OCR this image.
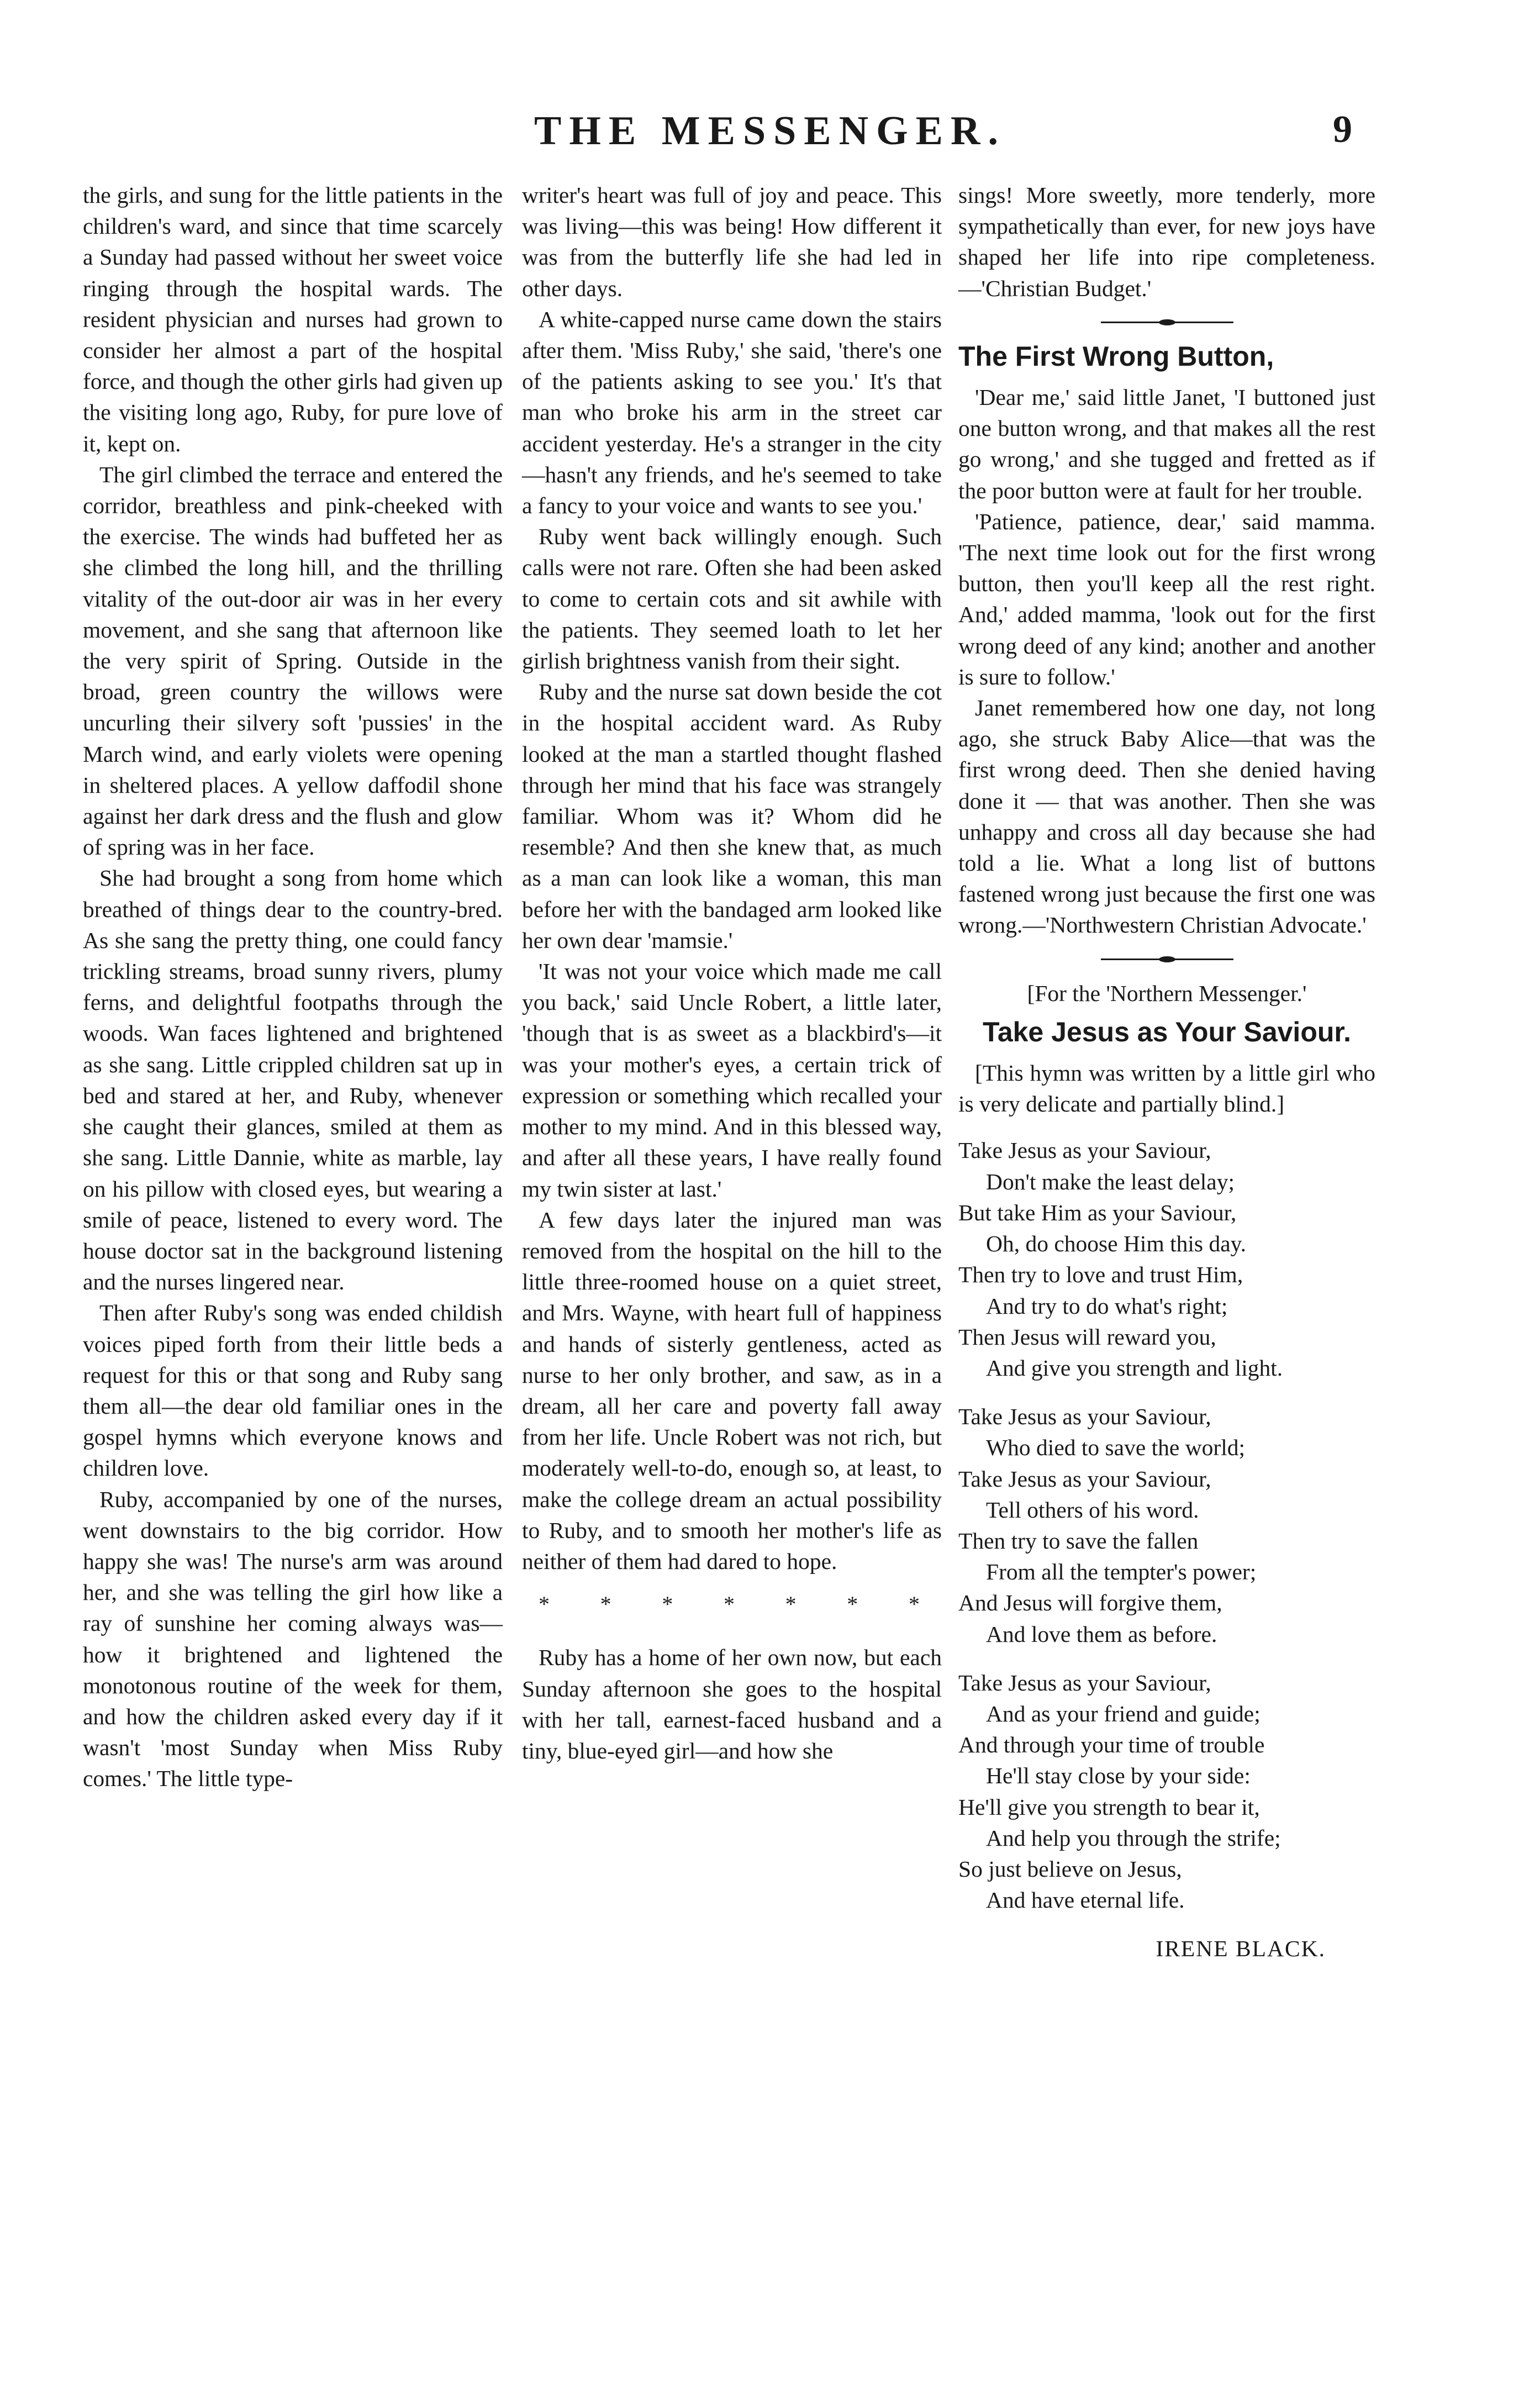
THE MESSENGER.	9

the girls, and sung for the little patients in the children's ward, and since that time scarcely a Sunday had passed without her sweet voice ringing through the hospital wards. The resident physician and nurses had grown to consider her almost a part of the hospital force, and though the other girls had given up the visiting long ago, Ruby, for pure love of it, kept on.

The girl climbed the terrace and entered the corridor, breathless and pink-cheeked with the exercise. The winds had buffeted her as she climbed the long hill, and the thrilling vitality of the out-door air was in her every movement, and she sang that afternoon like the very spirit of Spring. Outside in the broad, green country the willows were uncurling their silvery soft 'pussies' in the March wind, and early violets were opening in sheltered places. A yellow daffodil shone against her dark dress and the flush and glow of spring was in her face.

She had brought a song from home which breathed of things dear to the country-bred. As she sang the pretty thing, one could fancy trickling streams, broad sunny rivers, plumy ferns, and delightful footpaths through the woods. Wan faces lightened and brightened as she sang. Little crippled children sat up in bed and stared at her, and Ruby, whenever she caught their glances, smiled at them as she sang. Little Dannie, white as marble, lay on his pillow with closed eyes, but wearing a smile of peace, listened to every word. The house doctor sat in the background listening and the nurses lingered near.

Then after Ruby's song was ended childish voices piped forth from their little beds a request for this or that song and Ruby sang them all—the dear old familiar ones in the gospel hymns which everyone knows and children love.

Ruby, accompanied by one of the nurses, went downstairs to the big corridor. How happy she was! The nurse's arm was around her, and she was telling the girl how like a ray of sunshine her coming always was—how it brightened and lightened the monotonous routine of the week for them, and how the children asked every day if it wasn't 'most Sunday when Miss Ruby comes.' The little type-

writer's heart was full of joy and peace. This was living—this was being! How different it was from the butterfly life she had led in other days.

A white-capped nurse came down the stairs after them. 'Miss Ruby,' she said, 'there's one of the patients asking to see you.' It's that man who broke his arm in the street car accident yesterday. He's a stranger in the city—hasn't any friends, and he's seemed to take a fancy to your voice and wants to see you.'

Ruby went back willingly enough. Such calls were not rare. Often she had been asked to come to certain cots and sit awhile with the patients. They seemed loath to let her girlish brightness vanish from their sight.

Ruby and the nurse sat down beside the cot in the hospital accident ward. As Ruby looked at the man a startled thought flashed through her mind that his face was strangely familiar. Whom was it? Whom did he resemble? And then she knew that, as much as a man can look like a woman, this man before her with the bandaged arm looked like her own dear 'mamsie.'

'It was not your voice which made me call you back,' said Uncle Robert, a little later, 'though that is as sweet as a blackbird's—it was your mother's eyes, a certain trick of expression or something which recalled your mother to my mind. And in this blessed way, and after all these years, I have really found my twin sister at last.'

A few days later the injured man was removed from the hospital on the hill to the little three-roomed house on a quiet street, and Mrs. Wayne, with heart full of happiness and hands of sisterly gentleness, acted as nurse to her only brother, and saw, as in a dream, all her care and poverty fall away from her life. Uncle Robert was not rich, but moderately well-to-do, enough so, at least, to make the college dream an actual possibility to Ruby, and to smooth her mother's life as neither of them had dared to hope.

* * * * * * *

Ruby has a home of her own now, but each Sunday afternoon she goes to the hospital with her tall, earnest-faced husband and a tiny, blue-eyed girl—and how she

sings! More sweetly, more tenderly, more sympathetically than ever, for new joys have shaped her life into ripe completeness.—'Christian Budget.'

The First Wrong Button,

'Dear me,' said little Janet, 'I buttoned just one button wrong, and that makes all the rest go wrong,' and she tugged and fretted as if the poor button were at fault for her trouble.

'Patience, patience, dear,' said mamma. 'The next time look out for the first wrong button, then you'll keep all the rest right. And,' added mamma, 'look out for the first wrong deed of any kind; another and another is sure to follow.'

Janet remembered how one day, not long ago, she struck Baby Alice—that was the first wrong deed. Then she denied having done it — that was another. Then she was unhappy and cross all day because she had told a lie. What a long list of buttons fastened wrong just because the first one was wrong.—'Northwestern Christian Advocate.'

[For the 'Northern Messenger.'
Take Jesus as Your Saviour.

[This hymn was written by a little girl who is very delicate and partially blind.]

Take Jesus as your Saviour,
Don't make the least delay;
But take Him as your Saviour,
Oh, do choose Him this day.
Then try to love and trust Him,
And try to do what's right;
Then Jesus will reward you,
And give you strength and light.
Take Jesus as your Saviour,
Who died to save the world;
Take Jesus as your Saviour,
Tell others of his word.
Then try to save the fallen
From all the tempter's power;
And Jesus will forgive them,
And love them as before.
Take Jesus as your Saviour,
And as your friend and guide;
And through your time of trouble
He'll stay close by your side:
He'll give you strength to bear it,
And help you through the strife;
So just believe on Jesus,
And have eternal life.
IRENE BLACK.
